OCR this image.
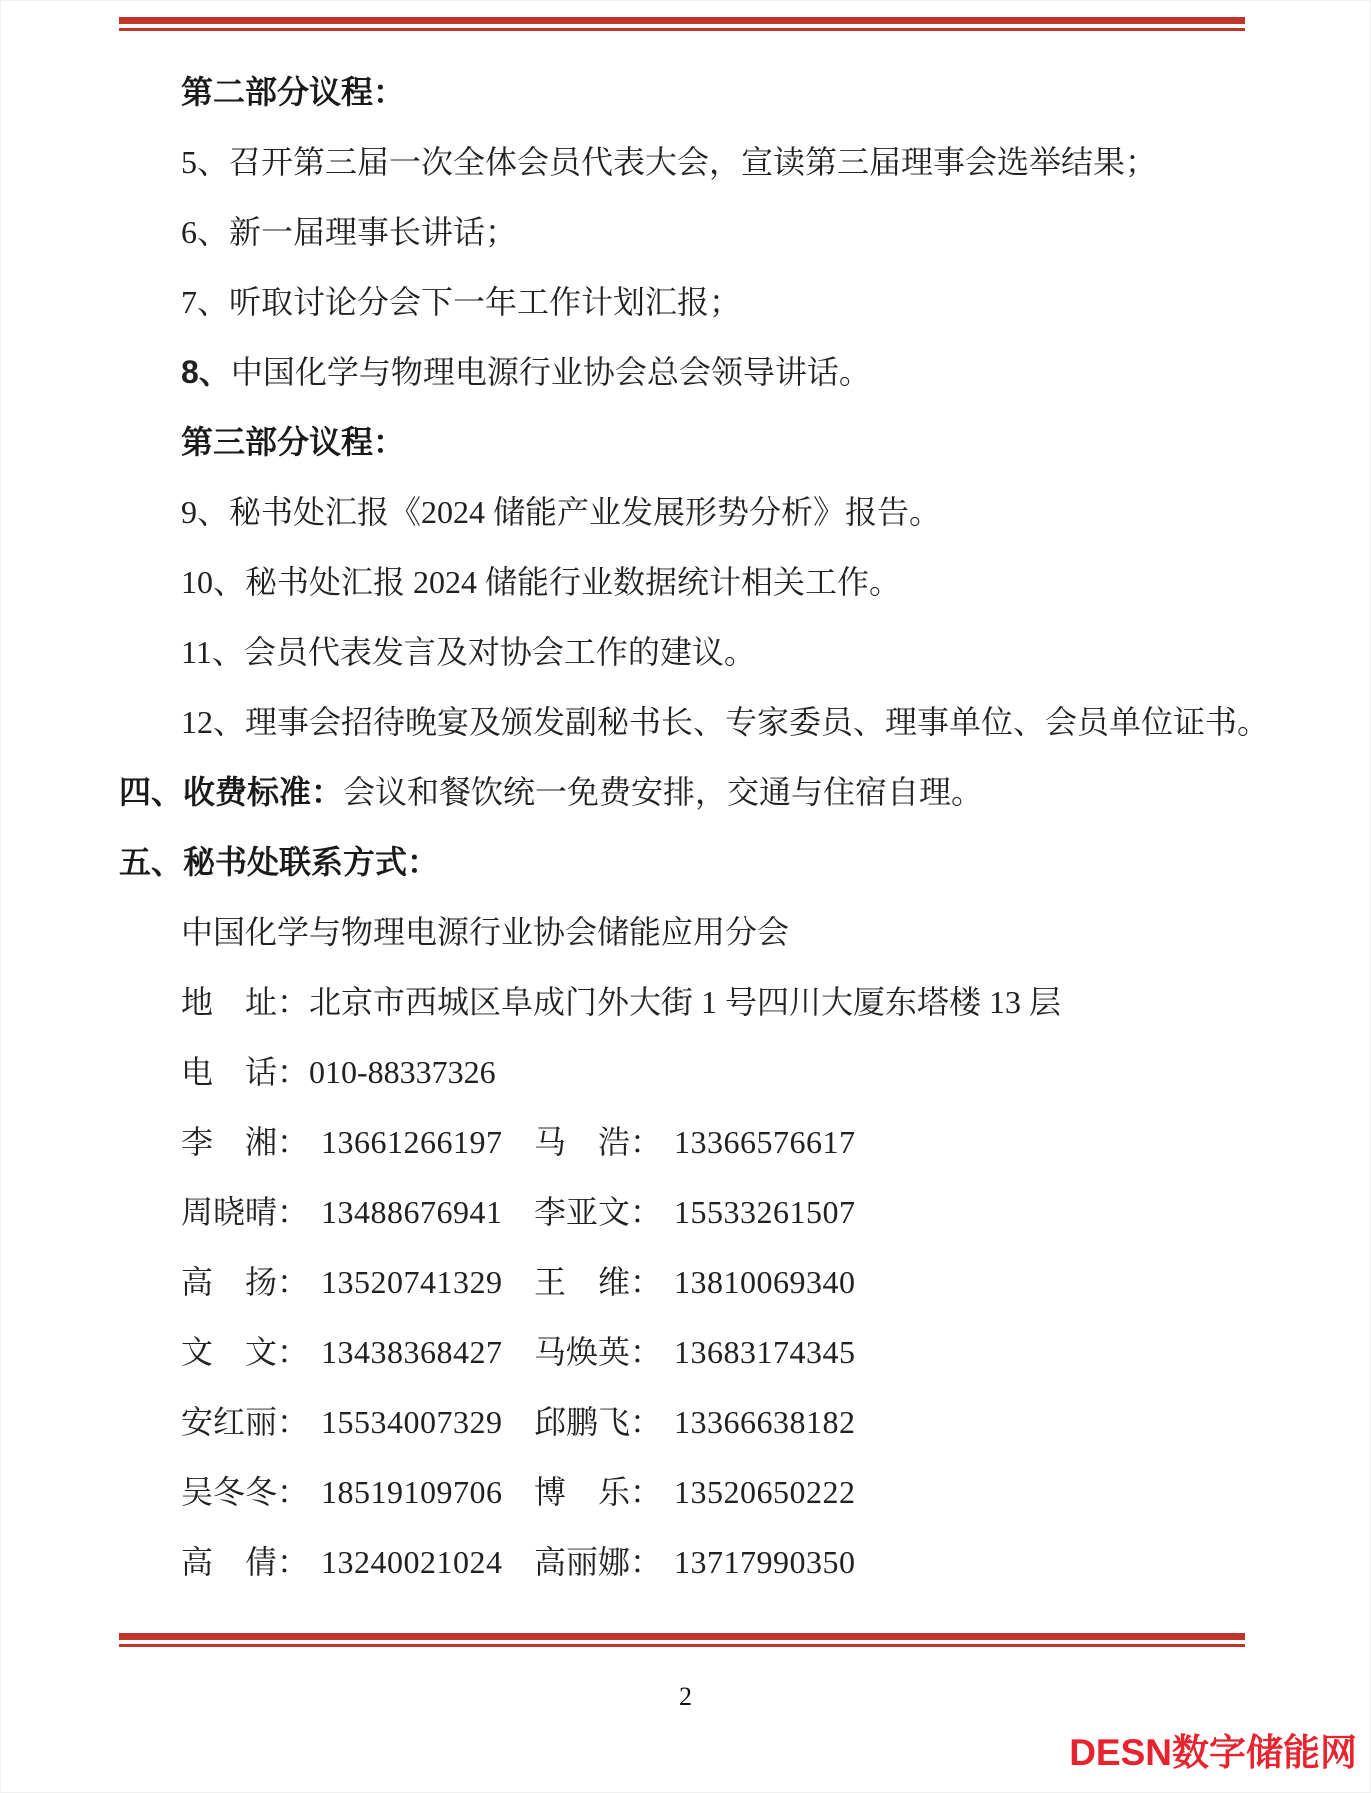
第二部分议程：
5、召开第三届一次全体会员代表大会，宣读第三届理事会选举结果；
6、新一届理事长讲话；
7、听取讨论分会下一年工作计划汇报；
8、中国化学与物理电源行业协会总会领导讲话。
第三部分议程：
9、秘书处汇报《2024 储能产业发展形势分析》报告。
10、秘书处汇报 2024 储能行业数据统计相关工作。
11、会员代表发言及对协会工作的建议。
12、理事会招待晚宴及颁发副秘书长、专家委员、理事单位、会员单位证书。
四、收费标准：会议和餐饮统一免费安排，交通与住宿自理。
五、秘书处联系方式：
中国化学与物理电源行业协会储能应用分会
地　址：北京市西城区阜成门外大街 1 号四川大厦东塔楼 13 层
电　话：010-88337326
李　湘： 13661266197 马　浩： 13366576617
周晓晴： 13488676941 李亚文： 15533261507
高　扬： 13520741329 王　维： 13810069340
文　文： 13438368427 马焕英： 13683174345
安红丽： 15534007329 邱鹏飞： 13366638182
吴冬冬： 18519109706 博　乐： 13520650222
高　倩： 13240021024 高丽娜： 13717990350
2
DESN数字储能网
